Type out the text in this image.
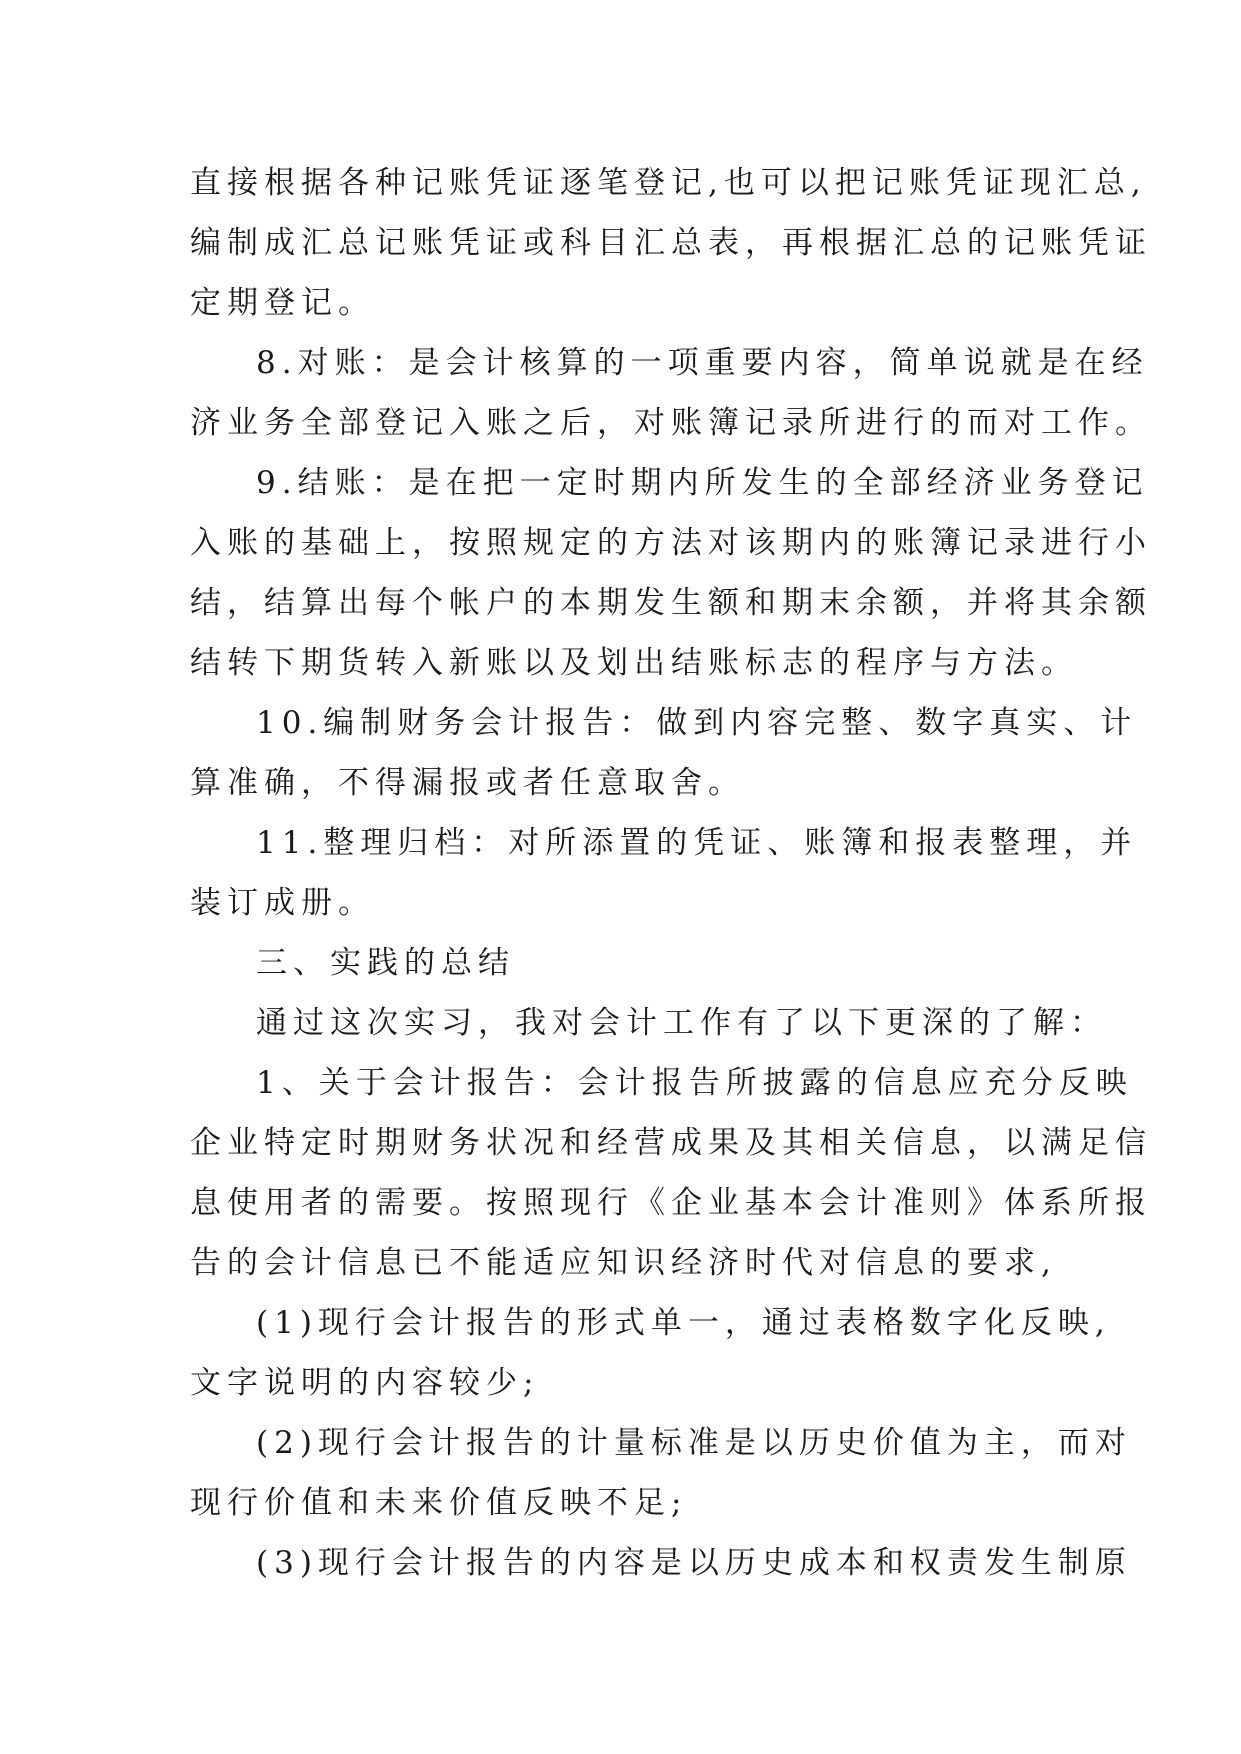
直接根据各种记账凭证逐笔登记,也可以把记账凭证现汇总,

编制成汇总记账凭证或科目汇总表，再根据汇总的记账凭证

定期登记。

8.对账：是会计核算的一项重要内容，简单说就是在经

济业务全部登记入账之后，对账簿记录所进行的而对工作。

9.结账：是在把一定时期内所发生的全部经济业务登记

入账的基础上，按照规定的方法对该期内的账簿记录进行小

结，结算出每个帐户的本期发生额和期末余额，并将其余额

结转下期货转入新账以及划出结账标志的程序与方法。

10.编制财务会计报告：做到内容完整、数字真实、计

算准确，不得漏报或者任意取舍。

11.整理归档：对所添置的凭证、账簿和报表整理，并

装订成册。

三、实践的总结

通过这次实习，我对会计工作有了以下更深的了解：

1、关于会计报告：会计报告所披露的信息应充分反映

企业特定时期财务状况和经营成果及其相关信息，以满足信

息使用者的需要。按照现行《企业基本会计准则》体系所报

告的会计信息已不能适应知识经济时代对信息的要求,

(1)现行会计报告的形式单一，通过表格数字化反映,

文字说明的内容较少;

(2)现行会计报告的计量标准是以历史价值为主，而对

现行价值和未来价值反映不足;

(3)现行会计报告的内容是以历史成本和权责发生制原
